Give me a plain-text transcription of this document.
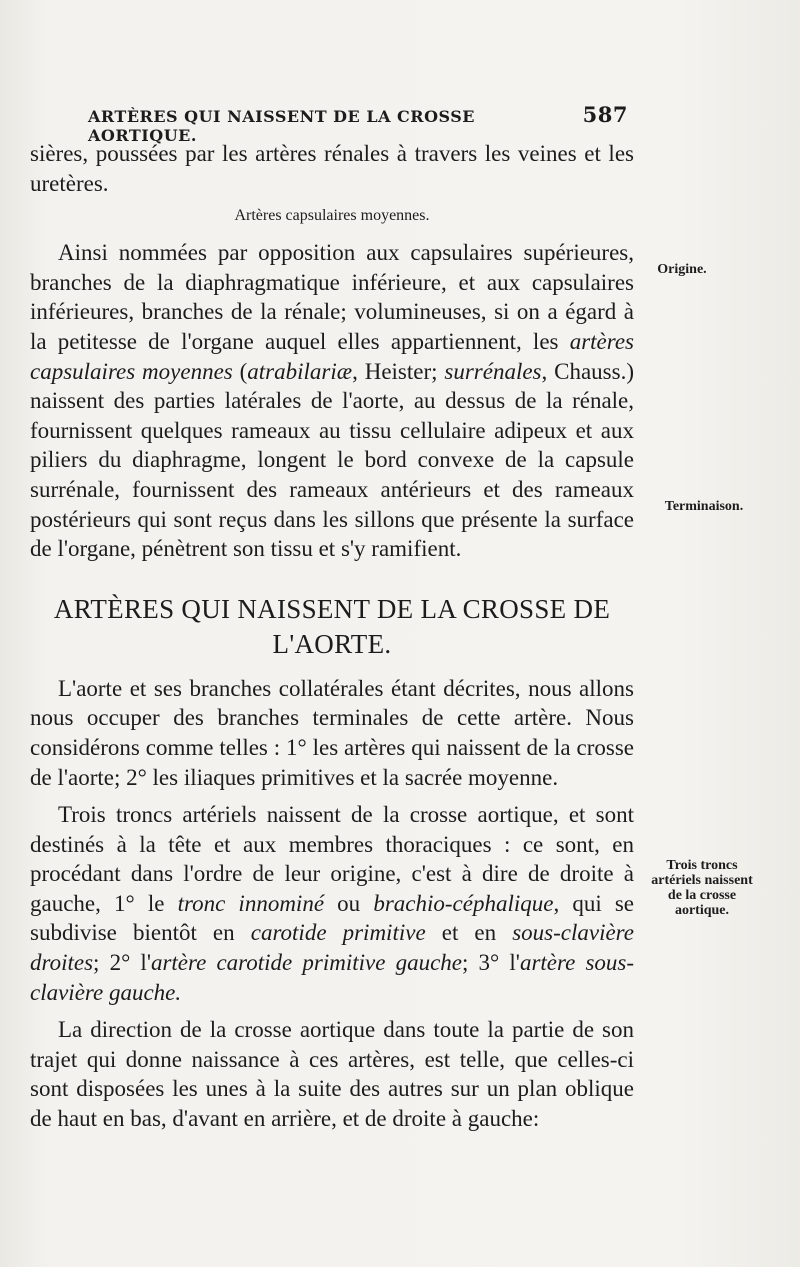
ARTÈRES QUI NAISSENT DE LA CROSSE AORTIQUE.
587

sières, poussées par les artères rénales à travers les veines et les uretères.

Artères capsulaires moyennes.

Ainsi nommées par opposition aux capsulaires supérieures, branches de la diaphragmatique inférieure, et aux capsulaires inférieures, branches de la rénale; volumineuses, si on a égard à la petitesse de l'organe auquel elles appartiennent, les artères capsulaires moyennes (atrabilariæ, Heister; surrénales, Chauss.) naissent des parties latérales de l'aorte, au dessus de la rénale, fournissent quelques rameaux au tissu cellulaire adipeux et aux piliers du diaphragme, longent le bord convexe de la capsule surrénale, fournissent des rameaux antérieurs et des rameaux postérieurs qui sont reçus dans les sillons que présente la surface de l'organe, pénètrent son tissu et s'y ramifient.

ARTÈRES QUI NAISSENT DE LA CROSSE DE L'AORTE.

L'aorte et ses branches collatérales étant décrites, nous allons nous occuper des branches terminales de cette artère. Nous considérons comme telles : 1° les artères qui naissent de la crosse de l'aorte; 2° les iliaques primitives et la sacrée moyenne.

Trois troncs artériels naissent de la crosse aortique, et sont destinés à la tête et aux membres thoraciques : ce sont, en procédant dans l'ordre de leur origine, c'est à dire de droite à gauche, 1° le tronc innominé ou brachio-céphalique, qui se subdivise bientôt en carotide primitive et en sous-clavière droites; 2° l'artère carotide primitive gauche; 3° l'artère sous-clavière gauche.

La direction de la crosse aortique dans toute la partie de son trajet qui donne naissance à ces artères, est telle, que celles-ci sont disposées les unes à la suite des autres sur un plan oblique de haut en bas, d'avant en arrière, et de droite à gauche:

Origine.
Terminaison.
Trois troncs artériels naissent de la crosse aortique.
